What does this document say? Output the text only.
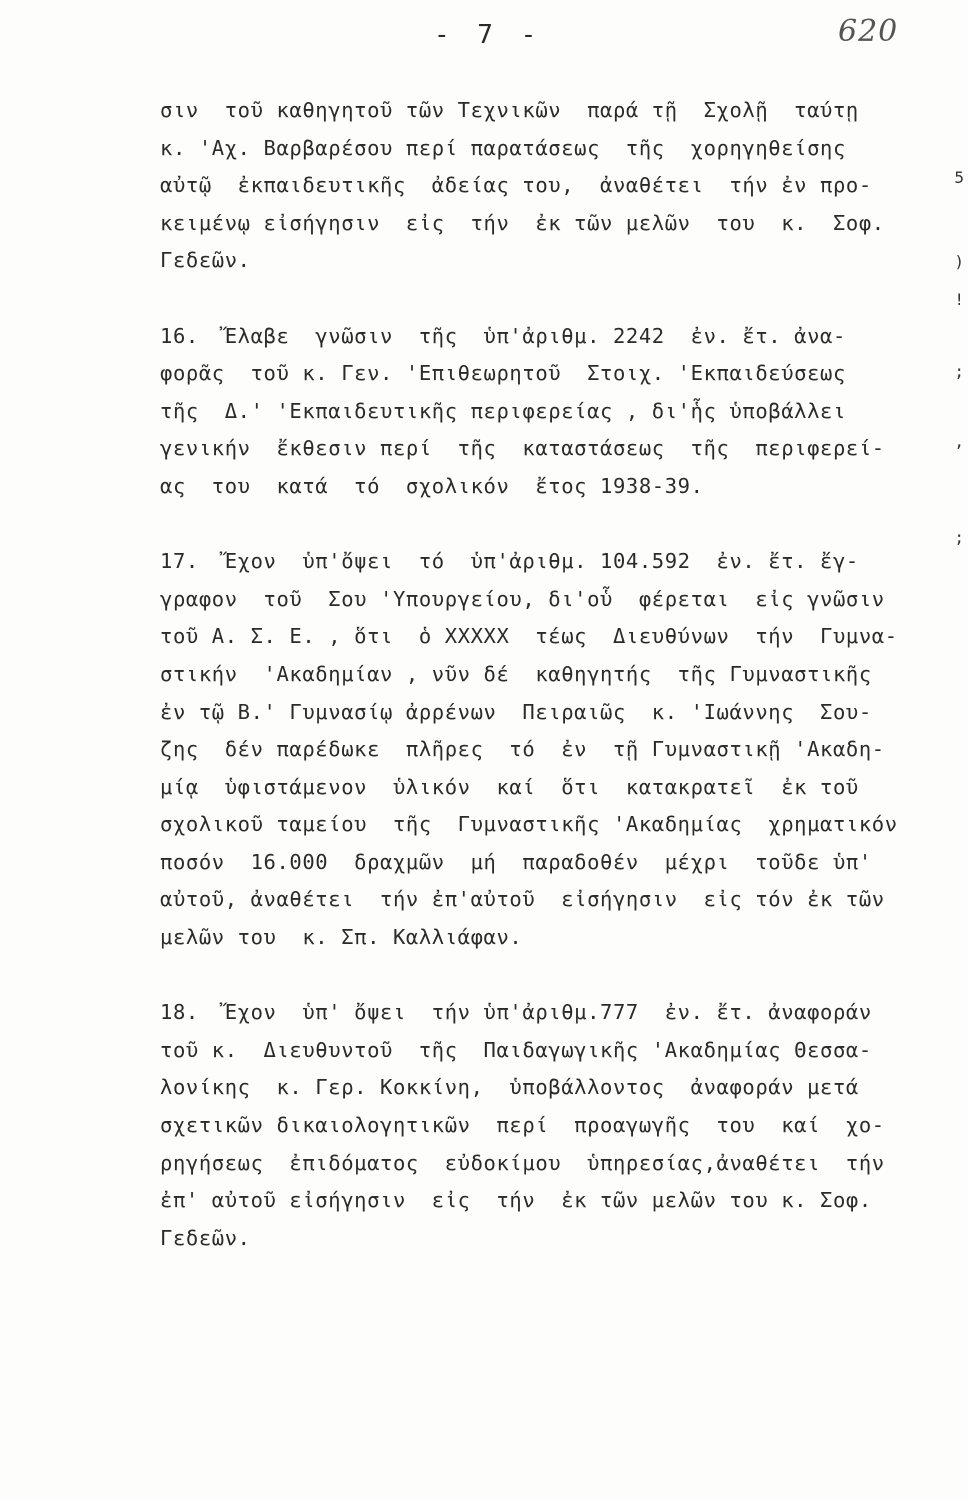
- 7 -	620
σιν  τοῦ καθηγητοῦ τῶν Τεχνικῶν  παρά τῇ  Σχολῇ  ταύτῃ
κ. 'Αχ. Βαρβαρέσου περί παρατάσεως  τῆς  χορηγηθείσης
αὐτῷ  ἐκπαιδευτικῆς  ἀδείας του,  ἀναθέτει  τήν ἐν προ-
κειμένῳ εἰσήγησιν  εἰς  τήν  ἐκ τῶν μελῶν  του  κ.  Σοφ.
Γεδεῶν.
16.  Ἔλαβε  γνῶσιν  τῆς  ὑπ'ἀριθμ. 2242  ἐν. ἔτ. ἀνα-
φορᾶς  τοῦ κ. Γεν. 'Επιθεωρητοῦ  Στοιχ. 'Εκπαιδεύσεως
τῆς  Δ.' 'Εκπαιδευτικῆς περιφερείας , δι'ἧς ὑποβάλλει
γενικήν  ἔκθεσιν περί  τῆς  καταστάσεως  τῆς  περιφερεί-
ας  του  κατά  τό  σχολικόν  ἔτος 1938-39.
17.  Ἔχον  ὑπ'ὄψει  τό  ὑπ'ἀριθμ. 104.592  ἐν. ἔτ. ἔγ-
γραφον  τοῦ  Σου 'Υπουργείου, δι'οὗ  φέρεται  εἰς γνῶσιν
τοῦ Α. Σ. Ε. , ὅτι  ὁ ΧΧΧΧΧ  τέως  Διευθύνων  τήν  Γυμνα-
στικήν  'Ακαδημίαν , νῦν δέ  καθηγητής  τῆς Γυμναστικῆς
ἐν τῷ Β.' Γυμνασίῳ ἀρρένων  Πειραιῶς  κ. 'Ιωάννης  Σου-
ζης  δέν παρέδωκε  πλῆρες  τό  ἐν  τῇ Γυμναστικῇ 'Ακαδη-
μίᾳ  ὑφιστάμενον  ὑλικόν  καί  ὅτι  κατακρατεῖ  ἐκ τοῦ
σχολικοῦ ταμείου  τῆς  Γυμναστικῆς 'Ακαδημίας  χρηματικόν
ποσόν  16.000  δραχμῶν  μή  παραδοθέν  μέχρι  τοῦδε ὑπ'
αὐτοῦ, ἀναθέτει  τήν ἐπ'αὐτοῦ  εἰσήγησιν  εἰς τόν ἐκ τῶν
μελῶν του  κ. Σπ. Καλλιάφαν.
18.  Ἔχον  ὑπ' ὄψει  τήν ὑπ'ἀριθμ.777  ἐν. ἔτ. ἀναφοράν
τοῦ κ.  Διευθυντοῦ  τῆς  Παιδαγωγικῆς 'Ακαδημίας Θεσσα-
λονίκης  κ. Γερ. Κοκκίνη,  ὑποβάλλοντος  ἀναφοράν μετά
σχετικῶν δικαιολογητικῶν  περί  προαγωγῆς  του  καί  χο-
ρηγήσεως  ἐπιδόματος  εὐδοκίμου  ὑπηρεσίας,ἀναθέτει  τήν
ἐπ' αὐτοῦ εἰσήγησιν  εἰς  τήν  ἐκ τῶν μελῶν του κ. Σοφ.
Γεδεῶν.
5
)
!
;
,
;
